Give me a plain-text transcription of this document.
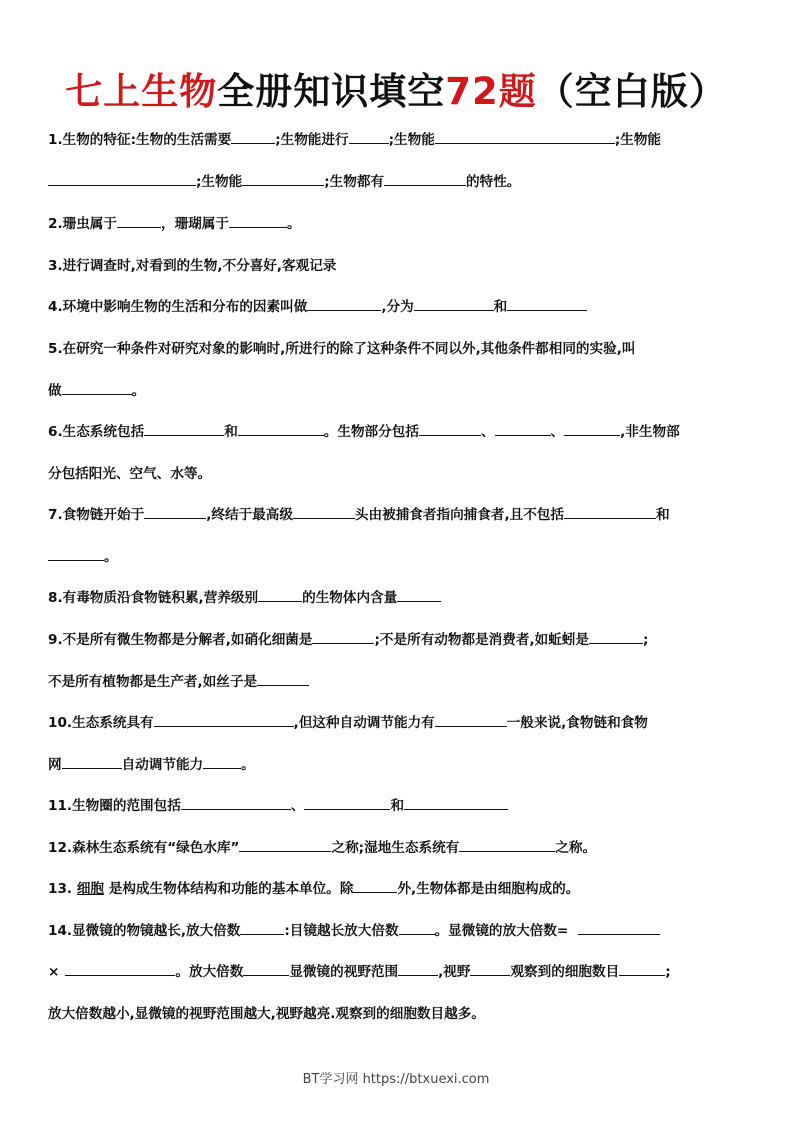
七上生物全册知识填空72题（空白版）
1.生物的特征:生物的生活需要	;生物能进行	;生物能	;生物能
;生物能	;生物都有	的特性。
2.珊虫属于	，珊瑚属于	。
3.进行调查时,对看到的生物,不分喜好,客观记录
4.环境中影响生物的生活和分布的因素叫做	,分为	和
5.在研究一种条件对研究对象的影响时,所进行的除了这种条件不同以外,其他条件都相同的实验,叫
做	。
6.生态系统包括	和	。生物部分包括	、	、	,非生物部
分包括阳光、空气、水等。
7.食物链开始于	,终结于最高级	头由被捕食者指向捕食者,且不包括	和
。
8.有毒物质沿食物链积累,营养级别	的生物体内含量
9.不是所有微生物都是分解者,如硝化细菌是	;不是所有动物都是消费者,如蚯蚓是	;
不是所有植物都是生产者,如丝子是
10.生态系统具有	,但这种自动调节能力有	一般来说,食物链和食物
网	自动调节能力	。
11.生物圈的范围包括	、	和
12.森林生态系统有“绿色水库”	之称;湿地生态系统有	之称。
13. 细胞 是构成生物体结构和功能的基本单位。除	外,生物体都是由细胞构成的。
14.显微镜的物镜越长,放大倍数	:目镜越长放大倍数	。显微镜的放大倍数=
×	。放大倍数	显微镜的视野范围	,视野	观察到的细胞数目	;
放大倍数越小,显微镜的视野范围越大,视野越亮.观察到的细胞数目越多。
BT学习网 https://btxuexi.com
